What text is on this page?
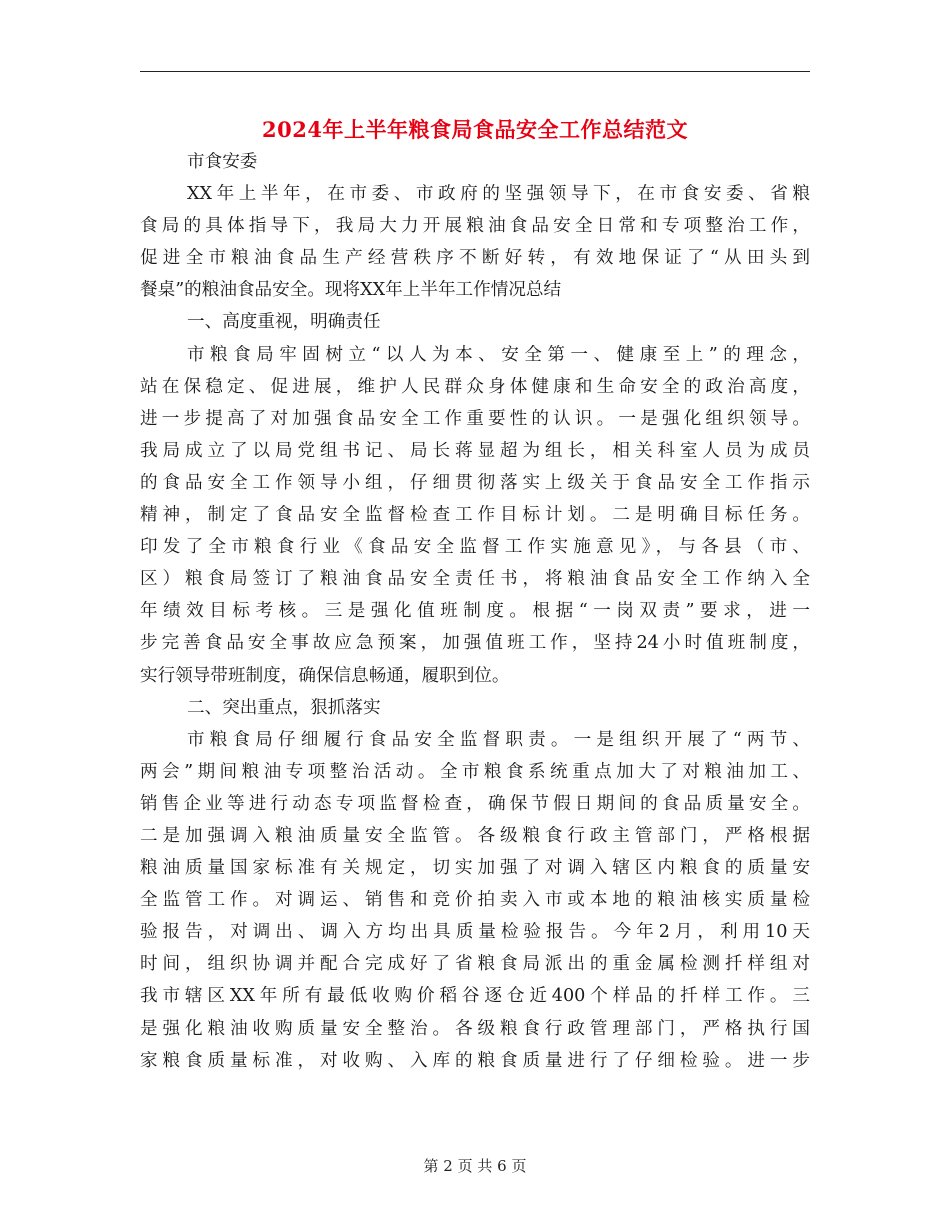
2024年上半年粮食局食品安全工作总结范文
市食安委
XX年上半年，在市委、市政府的坚强领导下，在市食安委、省粮
食局的具体指导下，我局大力开展粮油食品安全日常和专项整治工作，
促进全市粮油食品生产经营秩序不断好转，有效地保证了“从田头到
餐桌”的粮油食品安全。现将XX年上半年工作情况总结
一、高度重视，明确责任
市粮食局牢固树立“以人为本、安全第一、健康至上”的理念，
站在保稳定、促进展，维护人民群众身体健康和生命安全的政治高度，
进一步提高了对加强食品安全工作重要性的认识。一是强化组织领导。
我局成立了以局党组书记、局长蒋显超为组长，相关科室人员为成员
的食品安全工作领导小组，仔细贯彻落实上级关于食品安全工作指示
精神，制定了食品安全监督检查工作目标计划。二是明确目标任务。
印发了全市粮食行业《食品安全监督工作实施意见》，与各县（市、
区）粮食局签订了粮油食品安全责任书，将粮油食品安全工作纳入全
年绩效目标考核。三是强化值班制度。根据“一岗双责”要求，进一
步完善食品安全事故应急预案，加强值班工作，坚持24小时值班制度，
实行领导带班制度，确保信息畅通，履职到位。
二、突出重点，狠抓落实
市粮食局仔细履行食品安全监督职责。一是组织开展了“两节、
两会”期间粮油专项整治活动。全市粮食系统重点加大了对粮油加工、
销售企业等进行动态专项监督检查，确保节假日期间的食品质量安全。
二是加强调入粮油质量安全监管。各级粮食行政主管部门，严格根据
粮油质量国家标准有关规定，切实加强了对调入辖区内粮食的质量安
全监管工作。对调运、销售和竞价拍卖入市或本地的粮油核实质量检
验报告，对调出、调入方均出具质量检验报告。今年2月，利用10天
时间，组织协调并配合完成好了省粮食局派出的重金属检测扦样组对
我市辖区XX年所有最低收购价稻谷逐仓近400个样品的扦样工作。三
是强化粮油收购质量安全整治。各级粮食行政管理部门，严格执行国
家粮食质量标准，对收购、入库的粮食质量进行了仔细检验。进一步
第 2 页 共 6 页
